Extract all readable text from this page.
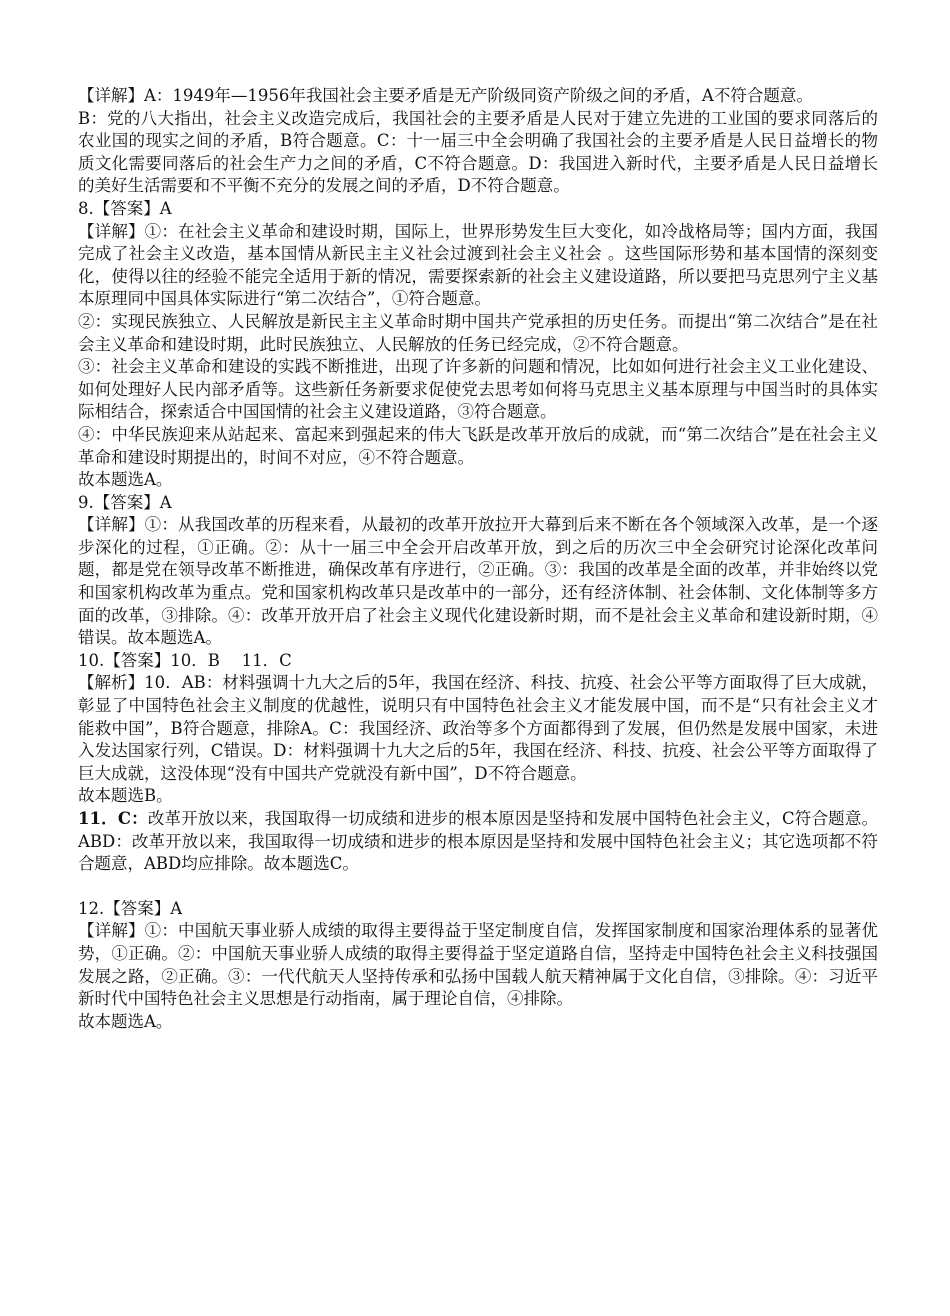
【详解】A：1949年—1956年我国社会主要矛盾是无产阶级同资产阶级之间的矛盾，A不符合题意。

B：党的八大指出，社会主义改造完成后，我国社会的主要矛盾是人民对于建立先进的工业国的要求同落后的农业国的现实之间的矛盾，B符合题意。C：十一届三中全会明确了我国社会的主要矛盾是人民日益增长的物质文化需要同落后的社会生产力之间的矛盾，C不符合题意。D：我国进入新时代，主要矛盾是人民日益增长的美好生活需要和不平衡不充分的发展之间的矛盾，D不符合题意。

8.【答案】A

【详解】①：在社会主义革命和建设时期，国际上，世界形势发生巨大变化，如冷战格局等；国内方面，我国完成了社会主义改造，基本国情从新民主主义社会过渡到社会主义社会 。这些国际形势和基本国情的深刻变化，使得以往的经验不能完全适用于新的情况，需要探索新的社会主义建设道路，所以要把马克思列宁主义基本原理同中国具体实际进行“第二次结合”，①符合题意。

②：实现民族独立、人民解放是新民主主义革命时期中国共产党承担的历史任务。而提出“第二次结合”是在社会主义革命和建设时期，此时民族独立、人民解放的任务已经完成，②不符合题意。

③：社会主义革命和建设的实践不断推进，出现了许多新的问题和情况，比如如何进行社会主义工业化建设、如何处理好人民内部矛盾等。这些新任务新要求促使党去思考如何将马克思主义基本原理与中国当时的具体实际相结合，探索适合中国国情的社会主义建设道路，③符合题意。

④：中华民族迎来从站起来、富起来到强起来的伟大飞跃是改革开放后的成就，而“第二次结合”是在社会主义革命和建设时期提出的，时间不对应，④不符合题意。

故本题选A。

9.【答案】A

【详解】①：从我国改革的历程来看，从最初的改革开放拉开大幕到后来不断在各个领域深入改革，是一个逐步深化的过程，①正确。②：从十一届三中全会开启改革开放，到之后的历次三中全会研究讨论深化改革问题，都是党在领导改革不断推进，确保改革有序进行，②正确。③：我国的改革是全面的改革，并非始终以党和国家机构改革为重点。党和国家机构改革只是改革中的一部分，还有经济体制、社会体制、文化体制等多方面的改革，③排除。④：改革开放开启了社会主义现代化建设新时期，而不是社会主义革命和建设新时期，④错误。故本题选A。

10.【答案】10．B　 11．C

【解析】10．AB：材料强调十九大之后的5年，我国在经济、科技、抗疫、社会公平等方面取得了巨大成就，彰显了中国特色社会主义制度的优越性，说明只有中国特色社会主义才能发展中国，而不是“只有社会主义才能救中国”，B符合题意，排除A。C：我国经济、政治等多个方面都得到了发展，但仍然是发展中国家，未进入发达国家行列，C错误。D：材料强调十九大之后的5年，我国在经济、科技、抗疫、社会公平等方面取得了巨大成就，这没体现“没有中国共产党就没有新中国”，D不符合题意。

故本题选B。

11．C：改革开放以来，我国取得一切成绩和进步的根本原因是坚持和发展中国特色社会主义，C符合题意。ABD：改革开放以来，我国取得一切成绩和进步的根本原因是坚持和发展中国特色社会主义；其它选项都不符合题意，ABD均应排除。故本题选C。

12.【答案】A

【详解】①：中国航天事业骄人成绩的取得主要得益于坚定制度自信，发挥国家制度和国家治理体系的显著优势，①正确。②：中国航天事业骄人成绩的取得主要得益于坚定道路自信，坚持走中国特色社会主义科技强国发展之路，②正确。③：一代代航天人坚持传承和弘扬中国载人航天精神属于文化自信，③排除。④：习近平新时代中国特色社会主义思想是行动指南，属于理论自信，④排除。

故本题选A。
